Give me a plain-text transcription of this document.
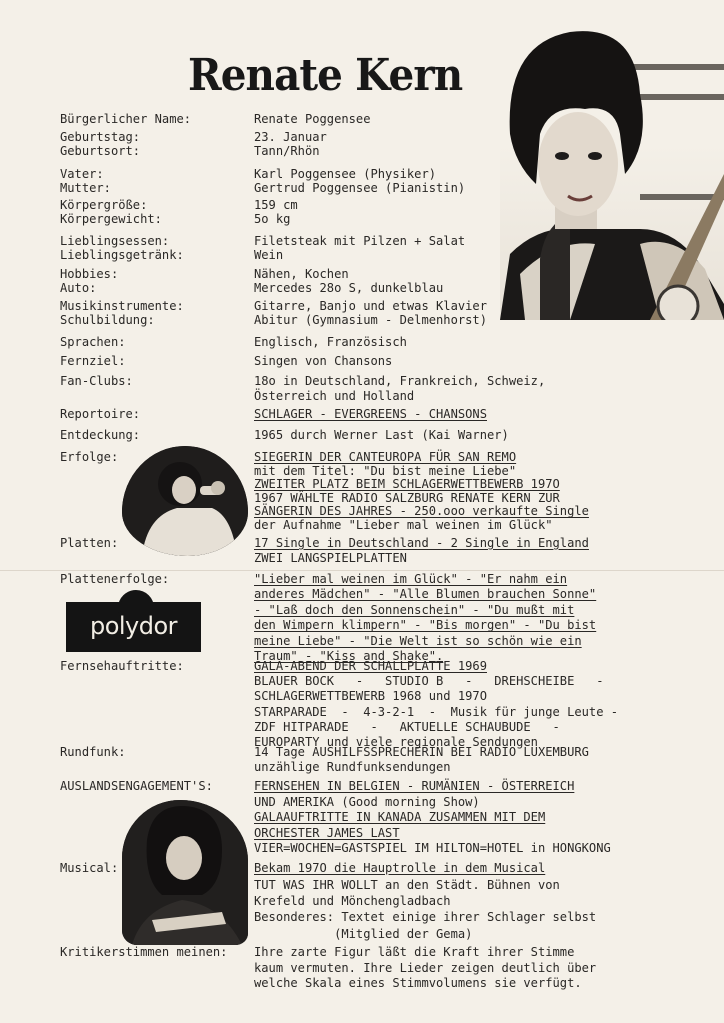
Renate Kern
polydor
Bürgerlicher Name:	Renate Poggensee
Geburtstag:	23. Januar
Geburtsort:	Tann/Rhön
Vater:	Karl Poggensee (Physiker)
Mutter:	Gertrud Poggensee (Pianistin)
Körpergröße:	159 cm
Körpergewicht:	5o kg
Lieblingsessen:	Filetsteak mit Pilzen + Salat
Lieblingsgetränk:	Wein
Hobbies:	Nähen, Kochen
Auto:	Mercedes 28o S, dunkelblau
Musikinstrumente:	Gitarre, Banjo und etwas Klavier
Schulbildung:	Abitur (Gymnasium - Delmenhorst)
Sprachen:	Englisch, Französisch
Fernziel:	Singen von Chansons
Fan-Clubs:	18o in Deutschland, Frankreich, Schweiz,
Österreich und Holland
Reportoire:	SCHLAGER - EVERGREENS - CHANSONS
Entdeckung:	1965 durch Werner Last (Kai Warner)
Erfolge:	SIEGERIN DER CANTEUROPA FÜR SAN REMO
mit dem Titel: "Du bist meine Liebe"
ZWEITER PLATZ BEIM SCHLAGERWETTBEWERB 197O
1967 WÄHLTE RADIO SALZBURG RENATE KERN ZUR
SÄNGERIN DES JAHRES - 250.ooo verkaufte Single
der Aufnahme "Lieber mal weinen im Glück"
Platten:	17 Single in Deutschland - 2 Single in England
ZWEI LANGSPIELPLATTEN
Plattenerfolge:	"Lieber mal weinen im Glück" - "Er nahm ein
anderes Mädchen" - "Alle Blumen brauchen Sonne"
- "Laß doch den Sonnenschein" - "Du mußt mit
den Wimpern klimpern" - "Bis morgen" - "Du bist
meine Liebe" - "Die Welt ist so schön wie ein
Traum" - "Kiss and Shake".
Fernsehauftritte:	GALA-ABEND DER SCHALLPLATTE 1969
BLAUER BOCK   -   STUDIO B   -   DREHSCHEIBE   -
SCHLAGERWETTBEWERB 1968 und 197O
STARPARADE  -  4-3-2-1  -  Musik für junge Leute -
ZDF HITPARADE   -   AKTUELLE SCHAUBUDE   -
EUROPARTY und viele regionale Sendungen
Rundfunk:	14 Tage AUSHILFSSPRECHERIN BEI RADIO LUXEMBURG
unzählige Rundfunksendungen
AUSLANDSENGAGEMENT'S:	FERNSEHEN IN BELGIEN - RUMÄNIEN - ÖSTERREICH
UND AMERIKA (Good morning Show)
GALAAUFTRITTE IN KANADA ZUSAMMEN MIT DEM
ORCHESTER JAMES LAST
VIER=WOCHEN=GASTSPIEL IM HILTON=HOTEL in HONGKONG
Musical:	Bekam 197O die Hauptrolle in dem Musical
TUT WAS IHR WOLLT an den Städt. Bühnen von
Krefeld und Mönchengladbach
Besonderes: Textet einige ihrer Schlager selbst
(Mitglied der Gema)
Kritikerstimmen meinen: Ihre zarte Figur läßt die Kraft ihrer Stimme
kaum vermuten. Ihre Lieder zeigen deutlich über
welche Skala eines Stimmvolumens sie verfügt.
